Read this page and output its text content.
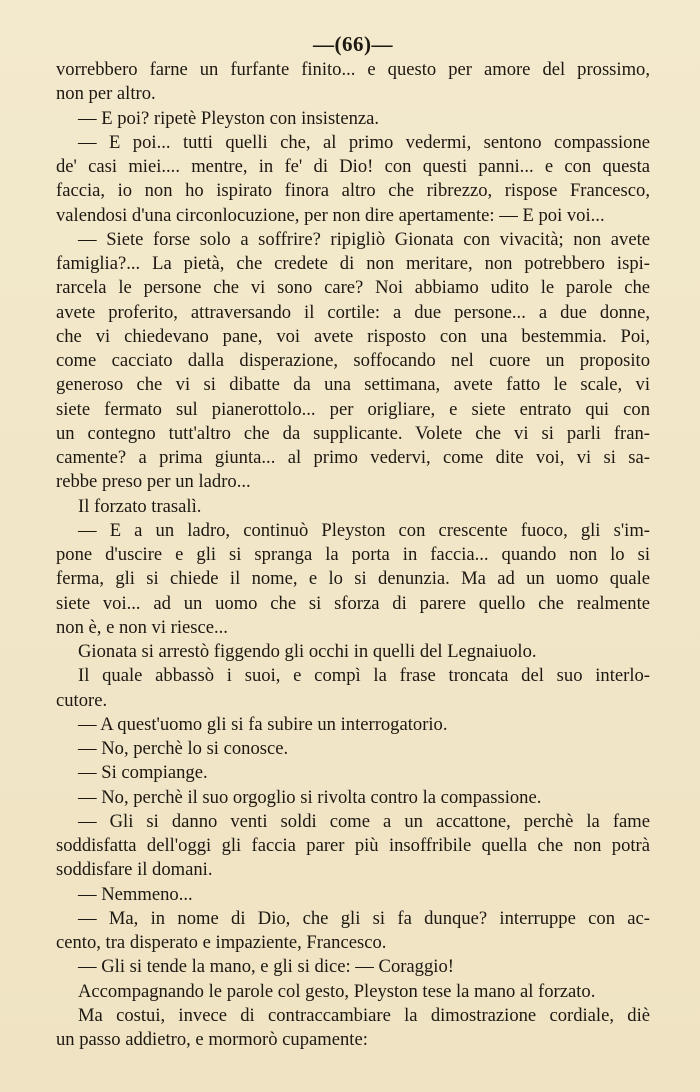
—(66)—
vorrebbero farne un furfante finito... e questo per amore del prossimo,
non per altro.
— E poi? ripetè Pleyston con insistenza.
— E poi... tutti quelli che, al primo vedermi, sentono compassione
de' casi miei.... mentre, in fe' di Dio! con questi panni... e con questa
faccia, io non ho ispirato finora altro che ribrezzo, rispose Francesco,
valendosi d'una circonlocuzione, per non dire apertamente: — E poi voi...
— Siete forse solo a soffrire? ripigliò Gionata con vivacità; non avete
famiglia?... La pietà, che credete di non meritare, non potrebbero ispi-
rarcela le persone che vi sono care? Noi abbiamo udito le parole che
avete proferito, attraversando il cortile: a due persone... a due donne,
che vi chiedevano pane, voi avete risposto con una bestemmia. Poi,
come cacciato dalla disperazione, soffocando nel cuore un proposito
generoso che vi si dibatte da una settimana, avete fatto le scale, vi
siete fermato sul pianerottolo... per origliare, e siete entrato qui con
un contegno tutt'altro che da supplicante. Volete che vi si parli fran-
camente? a prima giunta... al primo vedervi, come dite voi, vi si sa-
rebbe preso per un ladro...
Il forzato trasalì.
— E a un ladro, continuò Pleyston con crescente fuoco, gli s'im-
pone d'uscire e gli si spranga la porta in faccia... quando non lo si
ferma, gli si chiede il nome, e lo si denunzia. Ma ad un uomo quale
siete voi... ad un uomo che si sforza di parere quello che realmente
non è, e non vi riesce...
Gionata si arrestò figgendo gli occhi in quelli del Legnaiuolo.
Il quale abbassò i suoi, e compì la frase troncata del suo interlo-
cutore.
— A quest'uomo gli si fa subire un interrogatorio.
— No, perchè lo si conosce.
— Si compiange.
— No, perchè il suo orgoglio si rivolta contro la compassione.
— Gli si danno venti soldi come a un accattone, perchè la fame
soddisfatta dell'oggi gli faccia parer più insoffribile quella che non potrà
soddisfare il domani.
— Nemmeno...
— Ma, in nome di Dio, che gli si fa dunque? interruppe con ac-
cento, tra disperato e impaziente, Francesco.
— Gli si tende la mano, e gli si dice: — Coraggio!
Accompagnando le parole col gesto, Pleyston tese la mano al forzato.
Ma costui, invece di contraccambiare la dimostrazione cordiale, diè
un passo addietro, e mormorò cupamente:
